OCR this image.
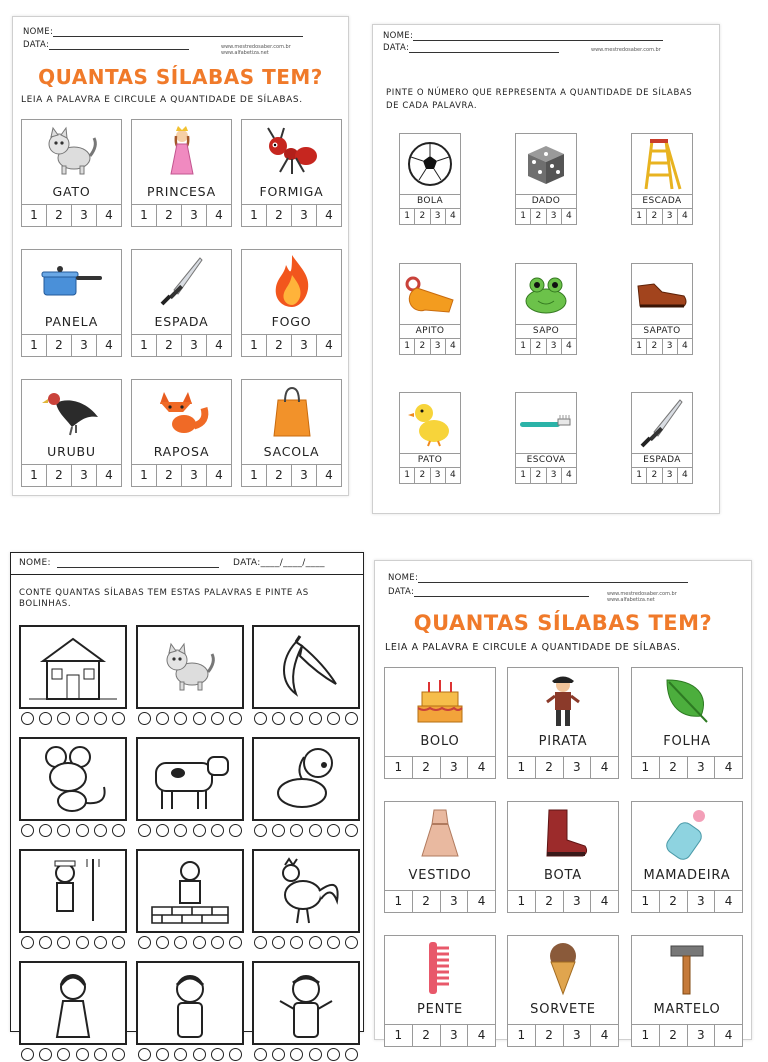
NOME:
DATA:	www.mestredosaber.com.br
www.alfabetiza.net
QUANTAS SÍLABAS TEM?
LEIA A PALAVRA E CIRCULE A QUANTIDADE DE SÍLABAS.
GATO
1	2	3	4
PRINCESA
1	2	3	4
FORMIGA
1	2	3	4
PANELA
1	2	3	4
ESPADA
1	2	3	4
FOGO
1	2	3	4
URUBU
1	2	3	4
RAPOSA
1	2	3	4
SACOLA
1	2	3	4
NOME:
DATA:	www.mestredosaber.com.br
PINTE O NÚMERO QUE REPRESENTA A QUANTIDADE DE SÍLABAS
DE CADA PALAVRA.
BOLA
1	2	3	4
DADO
1	2	3	4
ESCADA
1	2	3	4
APITO
1	2	3	4
SAPO
1	2	3	4
SAPATO
1	2	3	4
PATO
1	2	3	4
ESCOVA
1	2	3	4
ESPADA
1	2	3	4
NOME:	DATA:____/____/____
CONTE QUANTAS SÍLABAS TEM ESTAS PALAVRAS E PINTE AS
BOLINHAS.
NOME:
DATA:	www.mestredosaber.com.br
www.alfabetiza.net
QUANTAS SÍLABAS TEM?
LEIA A PALAVRA E CIRCULE A QUANTIDADE DE SÍLABAS.
BOLO
1	2	3	4
PIRATA
1	2	3	4
FOLHA
1	2	3	4
VESTIDO
1	2	3	4
BOTA
1	2	3	4
MAMADEIRA
1	2	3	4
PENTE
1	2	3	4
SORVETE
1	2	3	4
MARTELO
1	2	3	4
